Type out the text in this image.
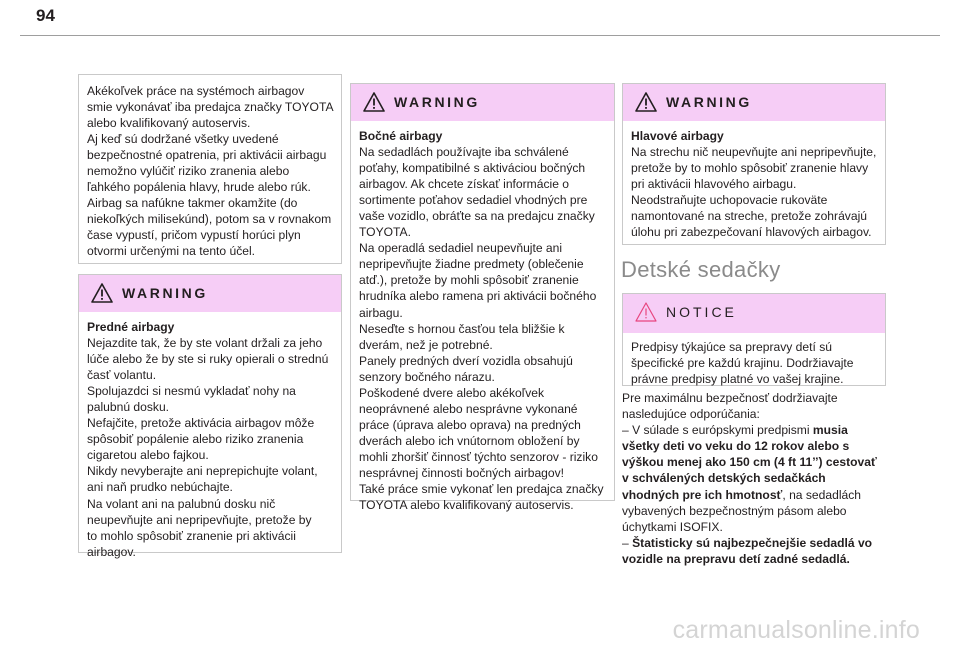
94
Akékoľvek práce na systémoch airbagov
smie vykonávať iba predajca značky TOYOTA
alebo kvalifikovaný autoservis.
Aj keď sú dodržané všetky uvedené
bezpečnostné opatrenia, pri aktivácii airbagu
nemožno vylúčiť riziko zranenia alebo
ľahkého popálenia hlavy, hrude alebo rúk.
Airbag sa nafúkne takmer okamžite (do
niekoľkých milisekúnd), potom sa v rovnakom
čase vypustí, pričom vypustí horúci plyn
otvormi určenými na tento účel.
WARNING
Predné airbagy
Nejazdite tak, že by ste volant držali za jeho
lúče alebo že by ste si ruky opierali o strednú
časť volantu.
Spolujazdci si nesmú vykladať nohy na
palubnú dosku.
Nefajčite, pretože aktivácia airbagov môže
spôsobiť popálenie alebo riziko zranenia
cigaretou alebo fajkou.
Nikdy nevyberajte ani neprepichujte volant,
ani naň prudko nebúchajte.
Na volant ani na palubnú dosku nič
neupevňujte ani nepripevňujte, pretože by
to mohlo spôsobiť zranenie pri aktivácii
airbagov.
WARNING
Bočné airbagy
Na sedadlách používajte iba schválené
poťahy, kompatibilné s aktiváciou bočných
airbagov. Ak chcete získať informácie o
sortimente poťahov sedadiel vhodných pre
vaše vozidlo, obráťte sa na predajcu značky
TOYOTA.
Na operadlá sedadiel neupevňujte ani
nepripevňujte žiadne predmety (oblečenie
atď.), pretože by mohli spôsobiť zranenie
hrudníka alebo ramena pri aktivácii bočného
airbagu.
Neseďte s hornou časťou tela bližšie k
dverám, než je potrebné.
Panely predných dverí vozidla obsahujú
senzory bočného nárazu.
Poškodené dvere alebo akékoľvek
neoprávnené alebo nesprávne vykonané
práce (úprava alebo oprava) na predných
dverách alebo ich vnútornom obložení by
mohli zhoršiť činnosť týchto senzorov - riziko
nesprávnej činnosti bočných airbagov!
Také práce smie vykonať len predajca značky
TOYOTA alebo kvalifikovaný autoservis.
WARNING
Hlavové airbagy
Na strechu nič neupevňujte ani nepripevňujte,
pretože by to mohlo spôsobiť zranenie hlavy
pri aktivácii hlavového airbagu.
Neodstraňujte uchopovacie rukoväte
namontované na streche, pretože zohrávajú
úlohu pri zabezpečovaní hlavových airbagov.
Detské sedačky
NOTICE
Predpisy týkajúce sa prepravy detí sú
špecifické pre každú krajinu. Dodržiavajte
právne predpisy platné vo vašej krajine.
Pre maximálnu bezpečnosť dodržiavajte
nasledujúce odporúčania:
– V súlade s európskymi predpismi musia
všetky deti vo veku do 12 rokov alebo s
výškou menej ako 150 cm (4 ft 11’’) cestovať
v schválených detských sedačkách
vhodných pre ich hmotnosť, na sedadlách
vybavených bezpečnostným pásom alebo
úchytkami ISOFIX.
– Štatisticky sú najbezpečnejšie sedadlá vo
vozidle na prepravu detí zadné sedadlá.
carmanualsonline.info
